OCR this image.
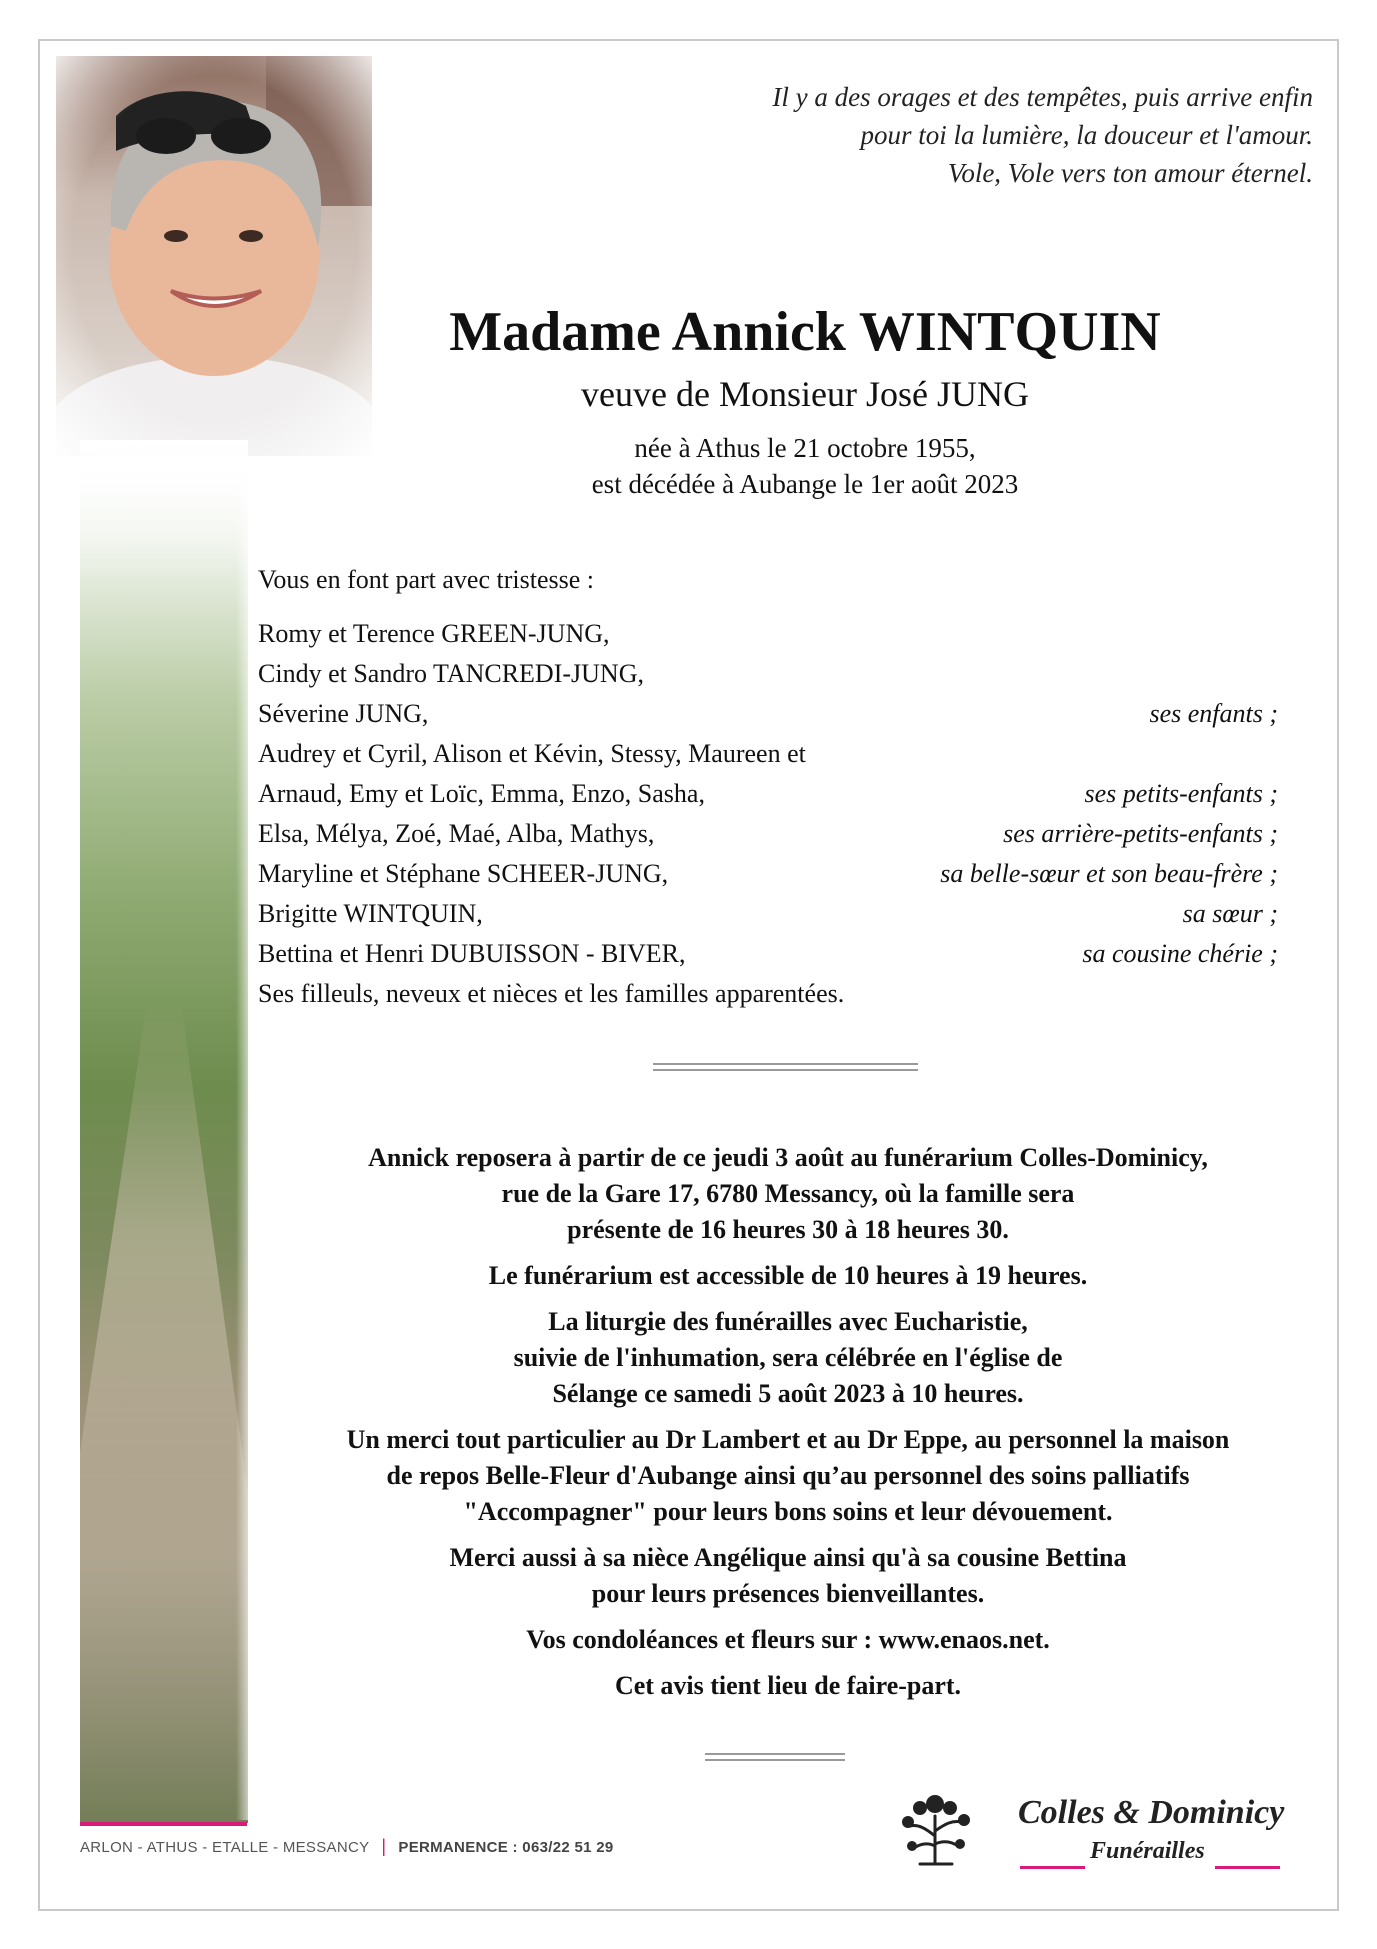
Il y a des orages et des tempêtes, puis arrive enfin
pour toi la lumière, la douceur et l'amour.
Vole, Vole vers ton amour éternel.
Madame Annick WINTQUIN
veuve de Monsieur José JUNG
née à Athus le 21 octobre 1955,
est décédée à Aubange le 1er août 2023
Vous en font part avec tristesse :
Romy et Terence GREEN-JUNG,
Cindy et Sandro TANCREDI-JUNG,
Séverine JUNG,	ses enfants ;
Audrey et Cyril, Alison et Kévin, Stessy, Maureen et
Arnaud, Emy et Loïc, Emma, Enzo, Sasha,	ses petits-enfants ;
Elsa, Mélya, Zoé, Maé, Alba, Mathys,	ses arrière-petits-enfants ;
Maryline et Stéphane SCHEER-JUNG,	sa belle-sœur et son beau-frère ;
Brigitte WINTQUIN,	sa sœur ;
Bettina et Henri DUBUISSON - BIVER,	sa cousine chérie ;
Ses filleuls, neveux et nièces et les familles apparentées.

Annick reposera à partir de ce jeudi 3 août au funérarium Colles-Dominicy,
rue de la Gare 17, 6780 Messancy, où la famille sera
présente de 16 heures 30 à 18 heures 30.

Le funérarium est accessible de 10 heures à 19 heures.

La liturgie des funérailles avec Eucharistie,
suivie de l'inhumation, sera célébrée en l'église de
Sélange ce samedi 5 août 2023 à 10 heures.

Un merci tout particulier au Dr Lambert et au Dr Eppe, au personnel la maison
de repos Belle-Fleur d'Aubange ainsi qu’au personnel des soins palliatifs
"Accompagner" pour leurs bons soins et leur dévouement.

Merci aussi à sa nièce Angélique ainsi qu'à sa cousine Bettina
pour leurs présences bienveillantes.

Vos condoléances et fleurs sur : www.enaos.net.

Cet avis tient lieu de faire-part.

ARLON - ATHUS - ETALLE - MESSANCY | PERMANENCE : 063/22 51 29
Colles & Dominicy
Funérailles
